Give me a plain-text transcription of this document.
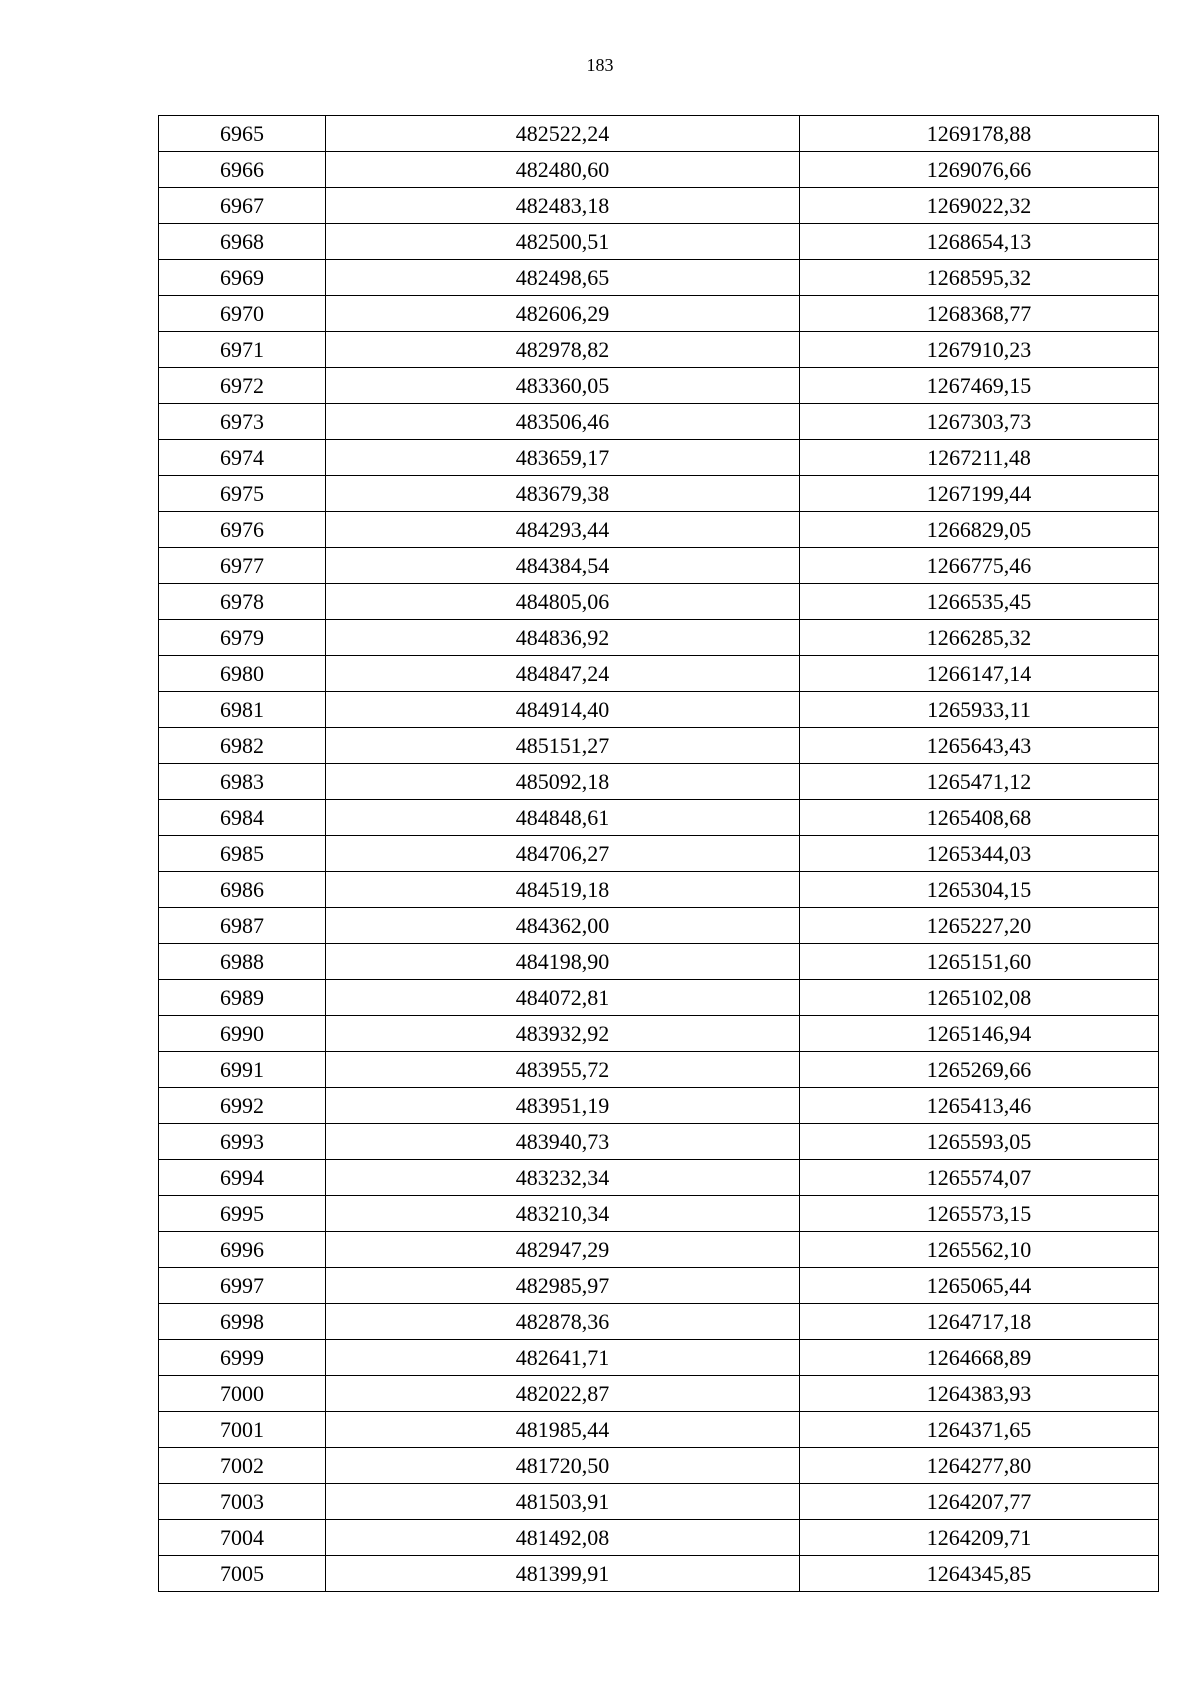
183
6965	482522,24	1269178,88
6966	482480,60	1269076,66
6967	482483,18	1269022,32
6968	482500,51	1268654,13
6969	482498,65	1268595,32
6970	482606,29	1268368,77
6971	482978,82	1267910,23
6972	483360,05	1267469,15
6973	483506,46	1267303,73
6974	483659,17	1267211,48
6975	483679,38	1267199,44
6976	484293,44	1266829,05
6977	484384,54	1266775,46
6978	484805,06	1266535,45
6979	484836,92	1266285,32
6980	484847,24	1266147,14
6981	484914,40	1265933,11
6982	485151,27	1265643,43
6983	485092,18	1265471,12
6984	484848,61	1265408,68
6985	484706,27	1265344,03
6986	484519,18	1265304,15
6987	484362,00	1265227,20
6988	484198,90	1265151,60
6989	484072,81	1265102,08
6990	483932,92	1265146,94
6991	483955,72	1265269,66
6992	483951,19	1265413,46
6993	483940,73	1265593,05
6994	483232,34	1265574,07
6995	483210,34	1265573,15
6996	482947,29	1265562,10
6997	482985,97	1265065,44
6998	482878,36	1264717,18
6999	482641,71	1264668,89
7000	482022,87	1264383,93
7001	481985,44	1264371,65
7002	481720,50	1264277,80
7003	481503,91	1264207,77
7004	481492,08	1264209,71
7005	481399,91	1264345,85
